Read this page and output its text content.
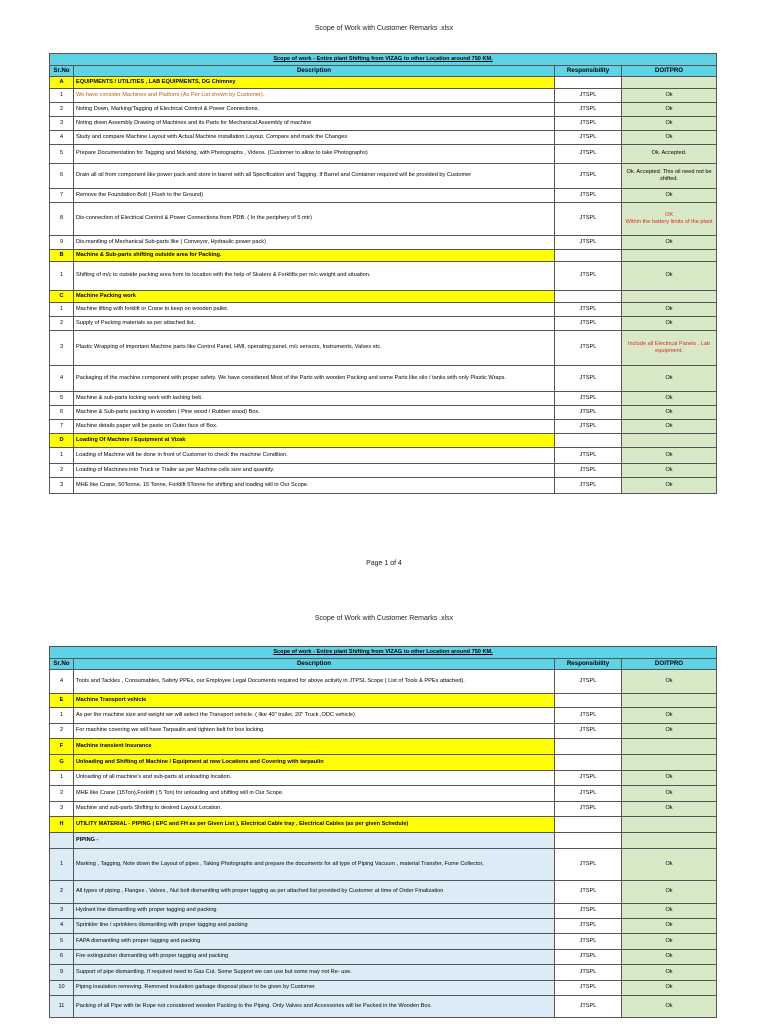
Scope of Work with Customer Remarks .xlsx
Scope of work - Entire plant Shifting from VIZAG to other Location around 750 KM.			
Sr.No	Description	Responsibility	DOITPRO
A	EQUIPMENTS / UTILITIES , LAB EQUIPMENTS, DG Chimney		
1	We have consider Machines and Platform (As Per List shown by Customer).	JTSPL	Ok
2	Noting Down, Marking/Tagging of Electrical Control & Power Connections.	JTSPL	Ok
3	Noting down Assembly Drawing of Machines and its Parts for Mechanical Assembly of machine	JTSPL	Ok
4	Study and compare Machine Layout with Actual Machine installation Layout. Compare and mark the Changes	JTSPL	Ok
5	Prepare Documentation for Tagging and Marking, with Photographs , Videos. (Customer to allow to take Photographs)	JTSPL	Ok. Accepted.
6	Drain all oil from component like power pack and store in barrel with all Specification and Tagging. If Barrel and Container required will be provided by Customer	JTSPL	Ok. Accepted. This oil need not be shifted.
7	Remove the Foundation Bolt ( Flush to the Ground)	JTSPL	Ok
8	Dis-connection of Electrical Control & Power Connections from PDB. ( In the periphery of 5 mtr)	JTSPL	OK
Within the battery limits of the plant
9	Dis-mantling of Mechanical Sub-parts like ( Conveyor, Hydraulic power pack)	JTSPL	Ok
B	Machine & Sub-parts shifting outside area for Packing.		
1	Shifting of m/c to outside packing area from its location with the help of Skaters & Forklifts per m/c weight and situation.	JTSPL	Ok
C	Machine Packing work		
1	Machine lifting with forklift or Crane to keep on wooden pallet.	JTSPL	Ok
2	Supply of Packing materials as per attached list.	JTSPL	Ok
3	Plastic Wrapping of important Machine parts like Control Panel, HMI, operating panel, m/c sensors, Instruments, Valves etc.	JTSPL	Include all Electrical Panels , Lab equipment,
4	Packaging of the machine component with proper safety. We have considered Most of the Parts with wooden Packing and some Parts like silo / tanks with only Plastic Wraps.	JTSPL	Ok
5	Machine & sub-parts locking work with lashing belt.	JTSPL	Ok
6	Machine & Sub-parts packing in wooden ( Pine wood / Rubber wood) Box.	JTSPL	Ok
7	Machine details paper will be paste on Outer face of Box.	JTSPL	Ok
D	Loading Of Machine / Equipment at Vizak		
1	Loading of Machine will be done in front of Customer to check the machine Condition.	JTSPL	Ok
2	Loading of Machines into Truck or Trailer as per Machine cells size and quantity.	JTSPL	Ok
3	MHE like Crane, 50Tonne, 15 Tonne, Forklift 5Tonne for shifting and loading will in Our Scope.	JTSPL	Ok
Page 1 of 4
Scope of Work with Customer Remarks .xlsx
Scope of work - Entire plant Shifting from VIZAG to other Location around 750 KM.			
Sr.No	Description	Responsibility	DOITPRO
4	Tools and Tackles , Consumables, Safety PPEs, our Employee Legal Documents required for above activity in JTPSL Scope ( List of Tools & PPEs attached).	JTSPL	Ok
E	Machine Transport vehicle		
1	As per the machine size and weight we will select the Transport vehicle. ( like 40" trailer, 20" Truck ,ODC vehicle)	JTSPL	Ok
2	For machine covering we will have Tarpaulin and tighten belt for box locking.	JTSPL	Ok
F	Machine transient Insurance		
G	Unloading and Shifting of Machine / Equipment at new Locations and Covering with tarpaulin		
1	Unloading of all machine's and sub-parts at unloading location.	JTSPL	Ok
2	MHE like Crane (15Ton),Forklift ( 5 Ton) for unloading and shifting will in Our Scope.	JTSPL	Ok
3	Machine and sub-parts Shifting to desired Layout Location.	JTSPL	Ok
H	UTILITY MATERIAL - PIPING ( EPC and FH as per Given List ), Electrical Cable tray , Electrical Cables (as per given Schedule)		
	PIPING -		
1	Marking , Tagging, Note down the Layout of pipes , Taking Photographs and prepare the documents for all type of Piping Vacuum , material Transfer, Fume Collector,	JTSPL	Ok
2	All types of piping , Flanges , Valves , Nut bolt dismantling with proper tagging as per attached list provided by Customer at time of Order Finalization	JTSPL	Ok
3	Hydrant line dismantling with proper tagging and packing	JTSPL	Ok
4	Sprinkler line / sprinklers dismantling with proper tagging and packing	JTSPL	Ok
5	FAPA dismantling with proper tagging and packing	JTSPL	Ok
6	Fire extinguisher dismantling with proper tagging and packing	JTSPL	Ok
9	Support of pipe dismantling. If required need to Gas Cut. Some Support we can use but some may not Re- use.	JTSPL	Ok
10	Piping insulation removing. Removed insulation garbage disposal place to be given by Customer	JTSPL	Ok
11	Packing of all Pipe with tie Rope not considered wooden Packing to the Piping. Only Valves and Accessories will be Packed in the Wooden Box.	JTSPL	Ok
